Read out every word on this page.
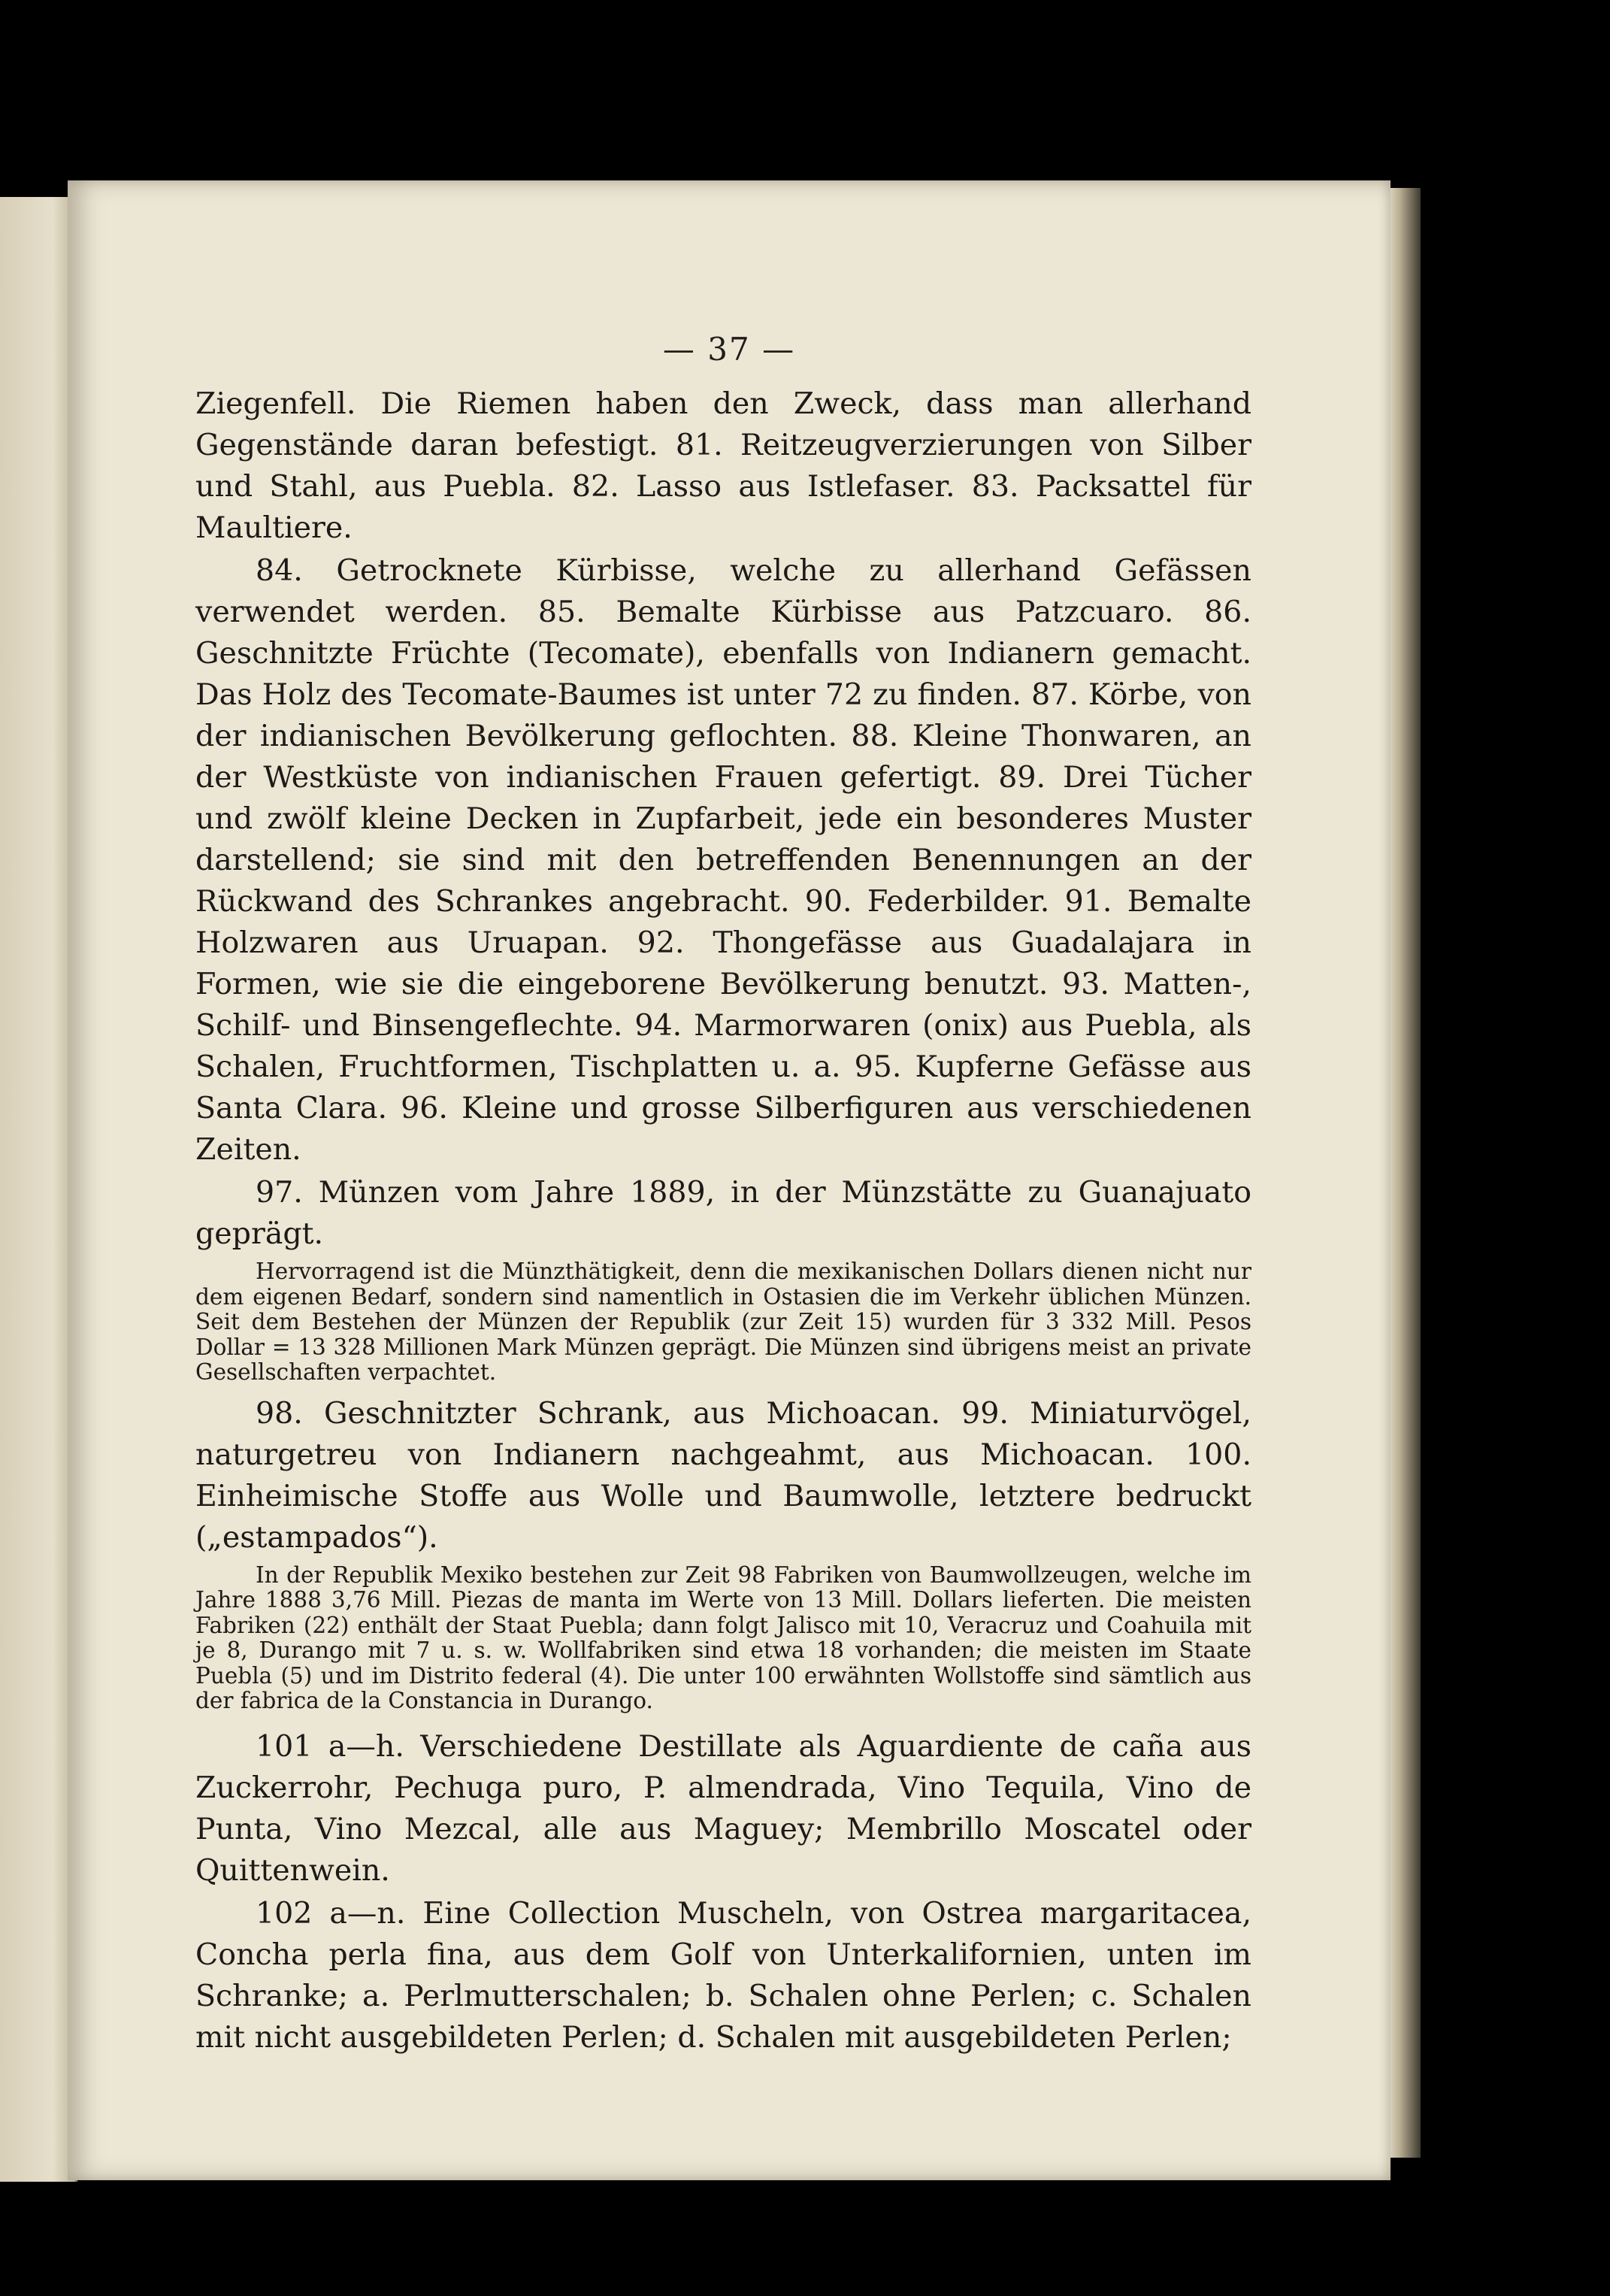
— 37 —

Ziegenfell. Die Riemen haben den Zweck, dass man allerhand Gegenstände daran befestigt. 81. Reitzeugverzierungen von Silber und Stahl, aus Puebla. 82. Lasso aus Istlefaser. 83. Packsattel für Maultiere.

84. Getrocknete Kürbisse, welche zu allerhand Gefässen verwendet werden. 85. Bemalte Kürbisse aus Patzcuaro. 86. Geschnitzte Früchte (Tecomate), ebenfalls von Indianern gemacht. Das Holz des Tecomate-Baumes ist unter 72 zu finden. 87. Körbe, von der indianischen Bevölkerung geflochten. 88. Kleine Thonwaren, an der Westküste von indianischen Frauen gefertigt. 89. Drei Tücher und zwölf kleine Decken in Zupfarbeit, jede ein besonderes Muster darstellend; sie sind mit den betreffenden Benennungen an der Rückwand des Schrankes angebracht. 90. Federbilder. 91. Bemalte Holzwaren aus Uruapan. 92. Thongefässe aus Guadalajara in Formen, wie sie die eingeborene Bevölkerung benutzt. 93. Matten-, Schilf- und Binsengeflechte. 94. Marmorwaren (onix) aus Puebla, als Schalen, Fruchtformen, Tischplatten u. a. 95. Kupferne Gefässe aus Santa Clara. 96. Kleine und grosse Silberfiguren aus verschiedenen Zeiten.

97. Münzen vom Jahre 1889, in der Münzstätte zu Guanajuato geprägt.

Hervorragend ist die Münzthätigkeit, denn die mexikanischen Dollars dienen nicht nur dem eigenen Bedarf, sondern sind namentlich in Ostasien die im Verkehr üblichen Münzen. Seit dem Bestehen der Münzen der Republik (zur Zeit 15) wurden für 3 332 Mill. Pesos Dollar = 13 328 Millionen Mark Münzen geprägt. Die Münzen sind übrigens meist an private Gesellschaften verpachtet.

98. Geschnitzter Schrank, aus Michoacan. 99. Miniaturvögel, naturgetreu von Indianern nachgeahmt, aus Michoacan. 100. Einheimische Stoffe aus Wolle und Baumwolle, letztere bedruckt („estampados“).

In der Republik Mexiko bestehen zur Zeit 98 Fabriken von Baumwollzeugen, welche im Jahre 1888 3,76 Mill. Piezas de manta im Werte von 13 Mill. Dollars lieferten. Die meisten Fabriken (22) enthält der Staat Puebla; dann folgt Jalisco mit 10, Veracruz und Coahuila mit je 8, Durango mit 7 u. s. w. Wollfabriken sind etwa 18 vorhanden; die meisten im Staate Puebla (5) und im Distrito federal (4). Die unter 100 erwähnten Wollstoffe sind sämtlich aus der fabrica de la Constancia in Durango.

101 a—h. Verschiedene Destillate als Aguardiente de caña aus Zuckerrohr, Pechuga puro, P. almendrada, Vino Tequila, Vino de Punta, Vino Mezcal, alle aus Maguey; Membrillo Moscatel oder Quittenwein.

102 a—n. Eine Collection Muscheln, von Ostrea margaritacea, Concha perla fina, aus dem Golf von Unterkalifornien, unten im Schranke; a. Perlmutterschalen; b. Schalen ohne Perlen; c. Schalen mit nicht ausgebildeten Perlen; d. Schalen mit ausgebildeten Perlen;
